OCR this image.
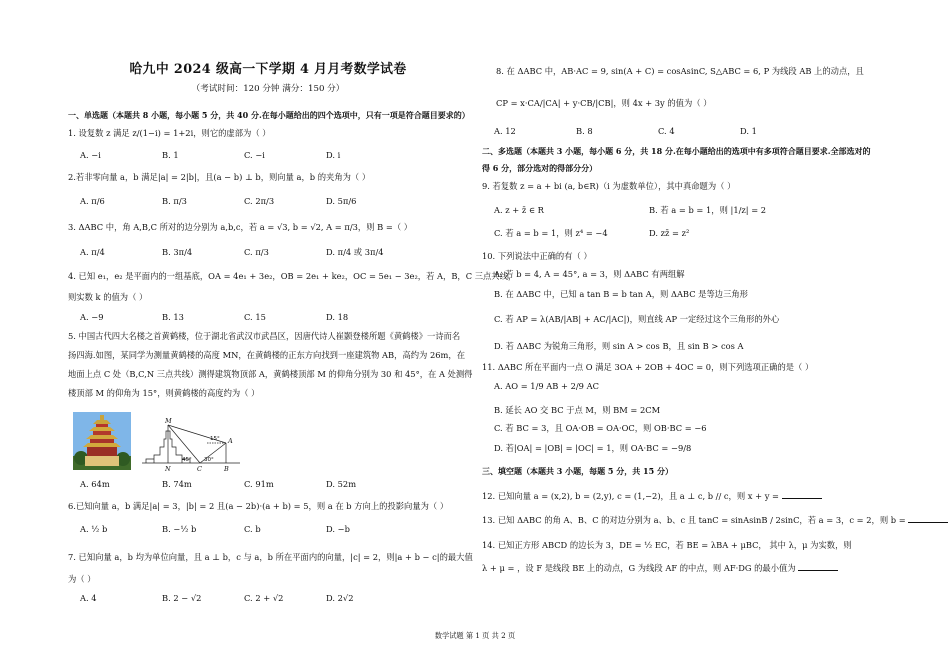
哈九中 2024 级高一下学期 4 月月考数学试卷
（考试时间：120 分钟 满分：150 分）
一、单选题（本题共 8 小题，每小题 5 分，共 40 分.在每小题给出的四个选项中，只有一项是符合题目要求的）
1. 设复数 z 满足 z/(1−i) = 1+2i，则它的虚部为（ ）
A. −i	B. 1	C. −i	D. i
2.若非零向量 a，b 满足|a| = 2|b|，且(a − b) ⊥ b，则向量 a，b 的夹角为（ ）
A. π/6	B. π/3	C. 2π/3	D. 5π/6
3. ΔABC 中，角 A,B,C 所对的边分别为 a,b,c，若 a = √3, b = √2, A = π/3，则 B =（ ）
A. π/4	B. 3π/4	C. π/3	D. π/4 或 3π/4
4. 已知 e₁，e₂ 是平面内的一组基底，OA = 4e₁ + 3e₂，OB = 2e₁ + ke₂，OC = 5e₁ − 3e₂，若 A，B，C 三点共线，
则实数 k 的值为（ ）
A. −9	B. 13	C. 15	D. 18
5. 中国古代四大名楼之首黄鹤楼，位于湖北省武汉市武昌区，因唐代诗人崔颢登楼所题《黄鹤楼》一诗而名
扬四海.如图，某同学为测量黄鹤楼的高度 MN，在黄鹤楼的正东方向找到一座建筑物 AB，高约为 26m，在
地面上点 C 处（B,C,N 三点共线）测得建筑物顶部 A，黄鹤楼顶部 M 的仰角分别为 30 和 45°，在 A 处测得
楼顶部 M 的仰角为 15°，则黄鹤楼的高度约为（ ）
A. 64m	B. 74m	C. 91m	D. 52m
6.已知向量 a，b 满足|a| = 3，|b| = 2 且(a − 2b)·(a + b) = 5，则 a 在 b 方向上的投影向量为（ ）
A. ½ b	B. −½ b	C. b	D. −b
7. 已知向量 a，b 均为单位向量，且 a ⊥ b，c 与 a，b 所在平面内的向量，|c| = 2，则|a + b − c|的最大值
为（ ）
A. 4	B. 2 − √2	C. 2 + √2	D. 2√2
M
A
N	C	B
15°
45° 30°
8. 在 ΔABC 中，AB·AC = 9, sin(A + C) = cosAsinC, S△ABC = 6, P 为线段 AB 上的动点，且
CP = x·CA/|CA| + y·CB/|CB|，则 4x + 3y 的值为（ ）
A. 12	B. 8	C. 4	D. 1
二、多选题（本题共 3 小题，每小题 6 分，共 18 分.在每小题给出的选项中有多项符合题目要求.全部选对的
得 6 分，部分选对的得部分分）
9. 若复数 z = a + bi (a, b∈R)（i 为虚数单位），其中真命题为（ ）
A. z + z̄ ∈ R	B. 若 a = b = 1，则 |1/z| = 2
C. 若 a = b = 1，则 z⁴ = −4	D. zz̄ = z²
10. 下列说法中正确的有（ ）
A. 若 b = 4, A = 45°, a = 3，则 ΔABC 有两组解
B. 在 ΔABC 中，已知 a tan B = b tan A，则 ΔABC 是等边三角形
C. 若 AP = λ(AB/|AB| + AC/|AC|)，则直线 AP 一定经过这个三角形的外心
D. 若 ΔABC 为锐角三角形，则 sin A > cos B，且 sin B > cos A
11. ΔABC 所在平面内一点 O 满足 3OA + 2OB + 4OC = 0，则下列选项正确的是（ ）
A. AO = 1/9 AB + 2/9 AC
B. 延长 AO 交 BC 于点 M，则 BM = 2CM
C. 若 BC = 3，且 OA·OB = OA·OC，则 OB·BC = −6
D. 若|OA| = |OB| = |OC| = 1，则 OA·BC = −9/8
三、填空题（本题共 3 小题，每题 5 分，共 15 分）
12. 已知向量 a = (x,2), b = (2,y), c = (1,−2)，且 a ⊥ c, b // c，则 x + y =
13. 已知 ΔABC 的角 A、B、C 的对边分别为 a、b、c 且 tanC = sinAsinB / 2sinC，若 a = 3，c = 2，则 b =
14. 已知正方形 ABCD 的边长为 3，DE = ½ EC，若 BE = λBA + μBC， 其中 λ，μ 为实数，则
λ + μ = ，设 F 是线段 BE 上的动点，G 为线段 AF 的中点，则 AF·DG 的最小值为
数学试题 第 1 页 共 2 页
